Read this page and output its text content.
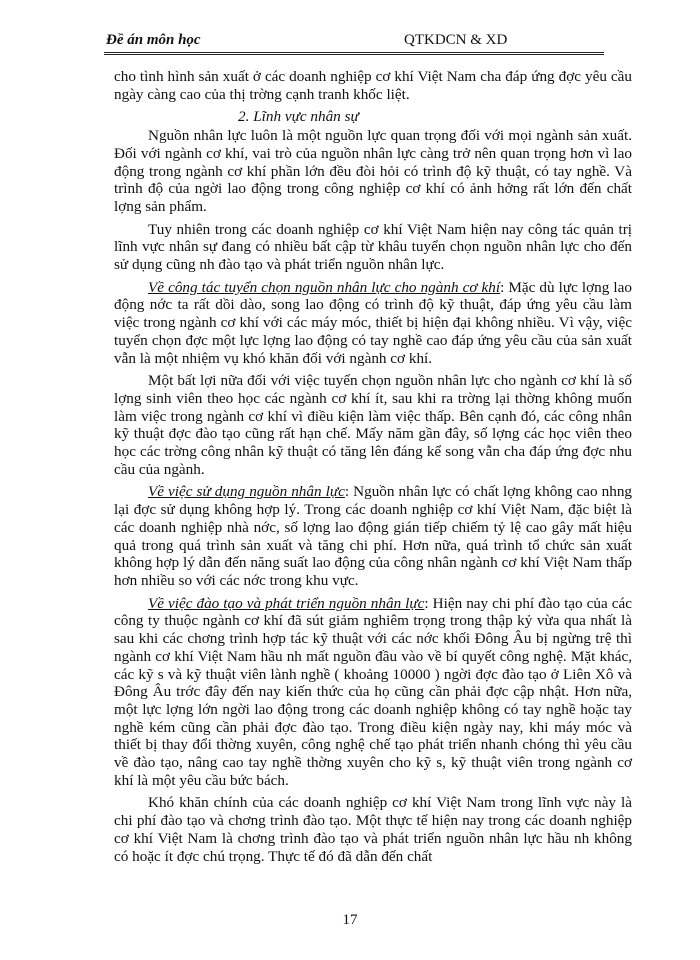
Đề án môn học	QTKDCN & XD

cho tình hình sản xuất ở các doanh nghiệp cơ khí Việt Nam cha đáp ứng đợc yêu cầu ngày càng cao của thị trờng cạnh tranh khốc liệt.

2. Lĩnh vực nhân sự

Nguồn nhân lực luôn là một nguồn lực quan trọng đối với mọi ngành sản xuất. Đối với ngành cơ khí, vai trò của nguồn nhân lực càng trở nên quan trọng hơn vì lao động trong ngành cơ khí phần lớn đều đòi hỏi có trình độ kỹ thuật, có tay nghề. Và trình độ của ngời lao động trong công nghiệp cơ khí có ảnh hởng rất lớn đến chất lợng sản phẩm.

Tuy nhiên trong các doanh nghiệp cơ khí Việt Nam hiện nay công tác quản trị lĩnh vực nhân sự đang có nhiều bất cập từ khâu tuyển chọn nguồn nhân lực cho đến sử dụng cũng nh đào tạo và phát triển nguồn nhân lực.

Về công tác tuyển chọn nguồn nhân lực cho ngành cơ khí: Mặc dù lực lợng lao động nớc ta rất dồi dào, song lao động có trình độ kỹ thuật, đáp ứng yêu cầu làm việc trong ngành cơ khí với các máy móc, thiết bị hiện đại không nhiều. Vì vậy, việc tuyển chọn đợc một lực lợng lao động có tay nghề cao đáp ứng yêu cầu của sản xuất vẫn là một nhiệm vụ khó khăn đối với ngành cơ khí.

Một bất lợi nữa đối với việc tuyển chọn nguồn nhân lực cho ngành cơ khí là số lợng sinh viên theo học các ngành cơ khí ít, sau khi ra trờng lại thờng không muốn làm việc trong ngành cơ khí vì điều kiện làm việc thấp. Bên cạnh đó, các công nhân kỹ thuật đợc đào tạo cũng rất hạn chế. Mấy năm gần đây, số lợng các học viên theo học các trờng công nhân kỹ thuật có tăng lên đáng kể song vẫn cha đáp ứng đợc nhu cầu của ngành.

Về việc sử dụng nguồn nhân lực: Nguồn nhân lực có chất lợng không cao nhng lại đợc sử dụng không hợp lý. Trong các doanh nghiệp cơ khí Việt Nam, đặc biệt là các doanh nghiệp nhà nớc, số lợng lao động gián tiếp chiếm tỷ lệ cao gây mất hiệu quả trong quá trình sản xuất và tăng chi phí. Hơn nữa, quá trình tổ chức sản xuất không hợp lý dẫn đến năng suất lao động của công nhân ngành cơ khí Việt Nam thấp hơn nhiều so với các nớc trong khu vực.

Về việc đào tạo và phát triển nguồn nhân lực: Hiện nay chi phí đào tạo của các công ty thuộc ngành cơ khí đã sút giảm nghiêm trọng trong thập kỷ vừa qua nhất là sau khi các chơng trình hợp tác kỹ thuật với các nớc khối Đông Âu bị ngừng trệ thì ngành cơ khí Việt Nam hầu nh mất nguồn đầu vào về bí quyết công nghệ. Mặt khác, các kỹ s và kỹ thuật viên lành nghề ( khoảng 10000 ) ngời đợc đào tạo ở Liên Xô và Đông Âu trớc đây đến nay kiến thức của họ cũng cần phải đợc cập nhật. Hơn nữa, một lực lợng lớn ngời lao động trong các doanh nghiệp không có tay nghề hoặc tay nghề kém cũng cần phải đợc đào tạo. Trong điều kiện ngày nay, khi máy móc và thiết bị thay đổi thờng xuyên, công nghệ chế tạo phát triển nhanh chóng thì yêu cầu về đào tạo, nâng cao tay nghề thờng xuyên cho kỹ s, kỹ thuật viên trong ngành cơ khí là một yêu cầu bức bách.

Khó khăn chính của các doanh nghiệp cơ khí Việt Nam trong lĩnh vực này là chi phí đào tạo và chơng trình đào tạo. Một thực tế hiện nay trong các doanh nghiệp cơ khí Việt Nam là chơng trình đào tạo và phát triển nguồn nhân lực hầu nh không có hoặc ít đợc chú trọng. Thực tế đó đã dẫn đến chất

17
